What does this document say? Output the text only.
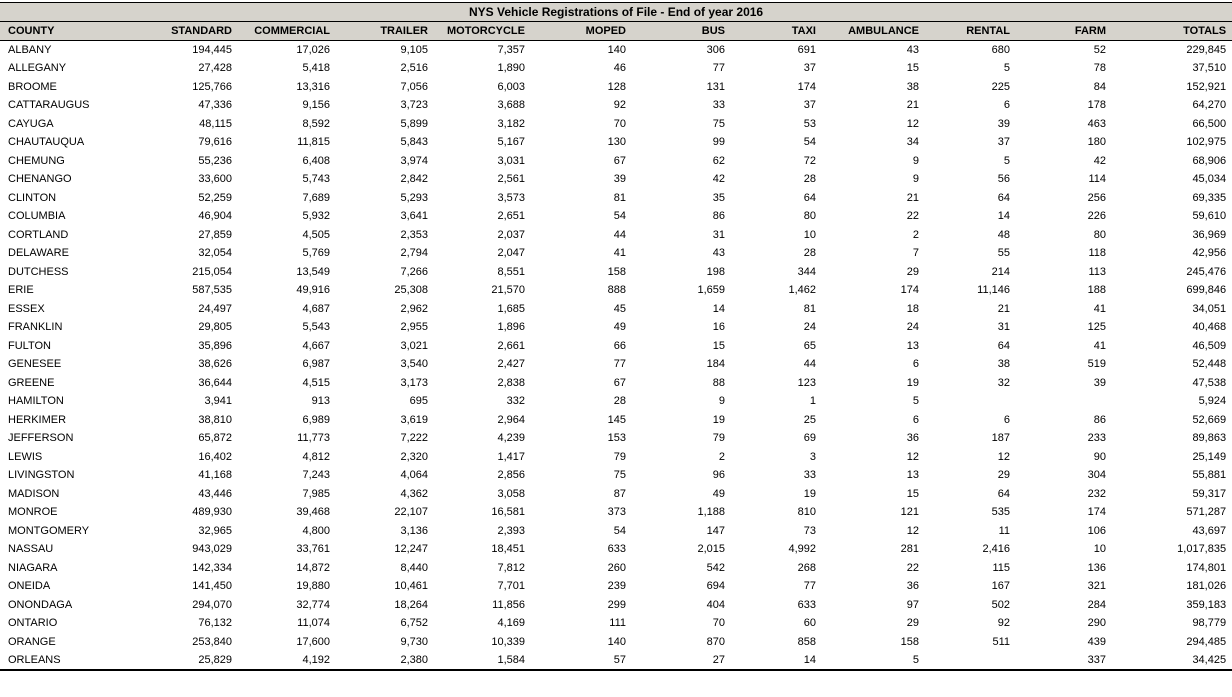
NYS Vehicle Registrations of File - End of year 2016											
COUNTY	STANDARD	COMMERCIAL	TRAILER	MOTORCYCLE	MOPED	BUS	TAXI	AMBULANCE	RENTAL	FARM	TOTALS
ALBANY	194,445	17,026	9,105	7,357	140	306	691	43	680	52	229,845
ALLEGANY	27,428	5,418	2,516	1,890	46	77	37	15	5	78	37,510
BROOME	125,766	13,316	7,056	6,003	128	131	174	38	225	84	152,921
CATTARAUGUS	47,336	9,156	3,723	3,688	92	33	37	21	6	178	64,270
CAYUGA	48,115	8,592	5,899	3,182	70	75	53	12	39	463	66,500
CHAUTAUQUA	79,616	11,815	5,843	5,167	130	99	54	34	37	180	102,975
CHEMUNG	55,236	6,408	3,974	3,031	67	62	72	9	5	42	68,906
CHENANGO	33,600	5,743	2,842	2,561	39	42	28	9	56	114	45,034
CLINTON	52,259	7,689	5,293	3,573	81	35	64	21	64	256	69,335
COLUMBIA	46,904	5,932	3,641	2,651	54	86	80	22	14	226	59,610
CORTLAND	27,859	4,505	2,353	2,037	44	31	10	2	48	80	36,969
DELAWARE	32,054	5,769	2,794	2,047	41	43	28	7	55	118	42,956
DUTCHESS	215,054	13,549	7,266	8,551	158	198	344	29	214	113	245,476
ERIE	587,535	49,916	25,308	21,570	888	1,659	1,462	174	11,146	188	699,846
ESSEX	24,497	4,687	2,962	1,685	45	14	81	18	21	41	34,051
FRANKLIN	29,805	5,543	2,955	1,896	49	16	24	24	31	125	40,468
FULTON	35,896	4,667	3,021	2,661	66	15	65	13	64	41	46,509
GENESEE	38,626	6,987	3,540	2,427	77	184	44	6	38	519	52,448
GREENE	36,644	4,515	3,173	2,838	67	88	123	19	32	39	47,538
HAMILTON	3,941	913	695	332	28	9	1	5			5,924
HERKIMER	38,810	6,989	3,619	2,964	145	19	25	6	6	86	52,669
JEFFERSON	65,872	11,773	7,222	4,239	153	79	69	36	187	233	89,863
LEWIS	16,402	4,812	2,320	1,417	79	2	3	12	12	90	25,149
LIVINGSTON	41,168	7,243	4,064	2,856	75	96	33	13	29	304	55,881
MADISON	43,446	7,985	4,362	3,058	87	49	19	15	64	232	59,317
MONROE	489,930	39,468	22,107	16,581	373	1,188	810	121	535	174	571,287
MONTGOMERY	32,965	4,800	3,136	2,393	54	147	73	12	11	106	43,697
NASSAU	943,029	33,761	12,247	18,451	633	2,015	4,992	281	2,416	10	1,017,835
NIAGARA	142,334	14,872	8,440	7,812	260	542	268	22	115	136	174,801
ONEIDA	141,450	19,880	10,461	7,701	239	694	77	36	167	321	181,026
ONONDAGA	294,070	32,774	18,264	11,856	299	404	633	97	502	284	359,183
ONTARIO	76,132	11,074	6,752	4,169	111	70	60	29	92	290	98,779
ORANGE	253,840	17,600	9,730	10,339	140	870	858	158	511	439	294,485
ORLEANS	25,829	4,192	2,380	1,584	57	27	14	5		337	34,425
